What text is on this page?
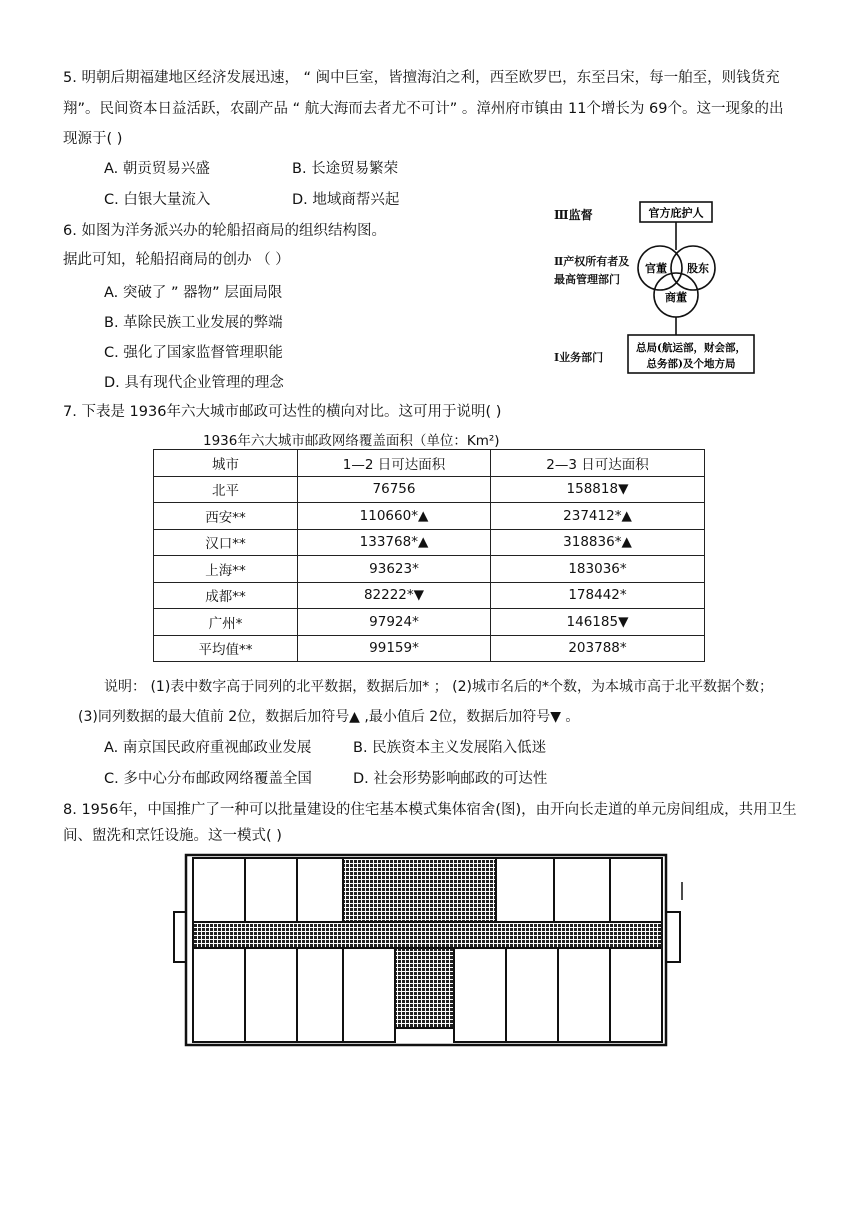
5. 明朝后期福建地区经济发展迅速， “ 闽中巨室，皆擅海泊之利，西至欧罗巴，东至吕宋，每一舶至，则钱货充
翔”。民间资本日益活跃，农副产品 “ 航大海而去者尤不可计” 。漳州府市镇由 11个增长为 69个。这一现象的出
现源于( )
A. 朝贡贸易兴盛	B. 长途贸易繁荣
C. 白银大量流入	D. 地域商帮兴起
6. 如图为洋务派兴办的轮船招商局的组织结构图。
据此可知，轮船招商局的创办 （ ）
A. 突破了 ” 器物” 层面局限
B. 革除民族工业发展的弊端
C. 强化了国家监督管理职能
D. 具有现代企业管理的理念
Ⅲ监督
Ⅱ产权所有者及
最高管理部门
Ⅰ业务部门
官方庇护人
官董 股东
商董
总局(航运部，财会部，
总务部)及个地方局
7. 下表是 1936年六大城市邮政可达性的横向对比。这可用于说明( )
1936年六大城市邮政网络覆盖面积（单位：Km²)
城市	1—2 日可达面积	2—3 日可达面积
北平	76756	158818▼
西安**	110660*▲	237412*▲
汉口**	133768*▲	318836*▲
上海**	93623*	183036*
成都**	82222*▼	178442*
广州*	97924*	146185▼
平均值**	99159*	203788*
说明： (1)表中数字高于同列的北平数据，数据后加* ； (2)城市名后的*个数，为本城市高于北平数据个数；
(3)同列数据的最大值前 2位，数据后加符号▲ ,最小值后 2位，数据后加符号▼ 。
A. 南京国民政府重视邮政业发展	B. 民族资本主义发展陷入低迷
C. 多中心分布邮政网络覆盖全国	D. 社会形势影响邮政的可达性
8. 1956年，中国推广了一种可以批量建设的住宅基本模式集体宿舍(图)，由开向长走道的单元房间组成，共用卫生
间、盥洗和烹饪设施。这一模式( )
